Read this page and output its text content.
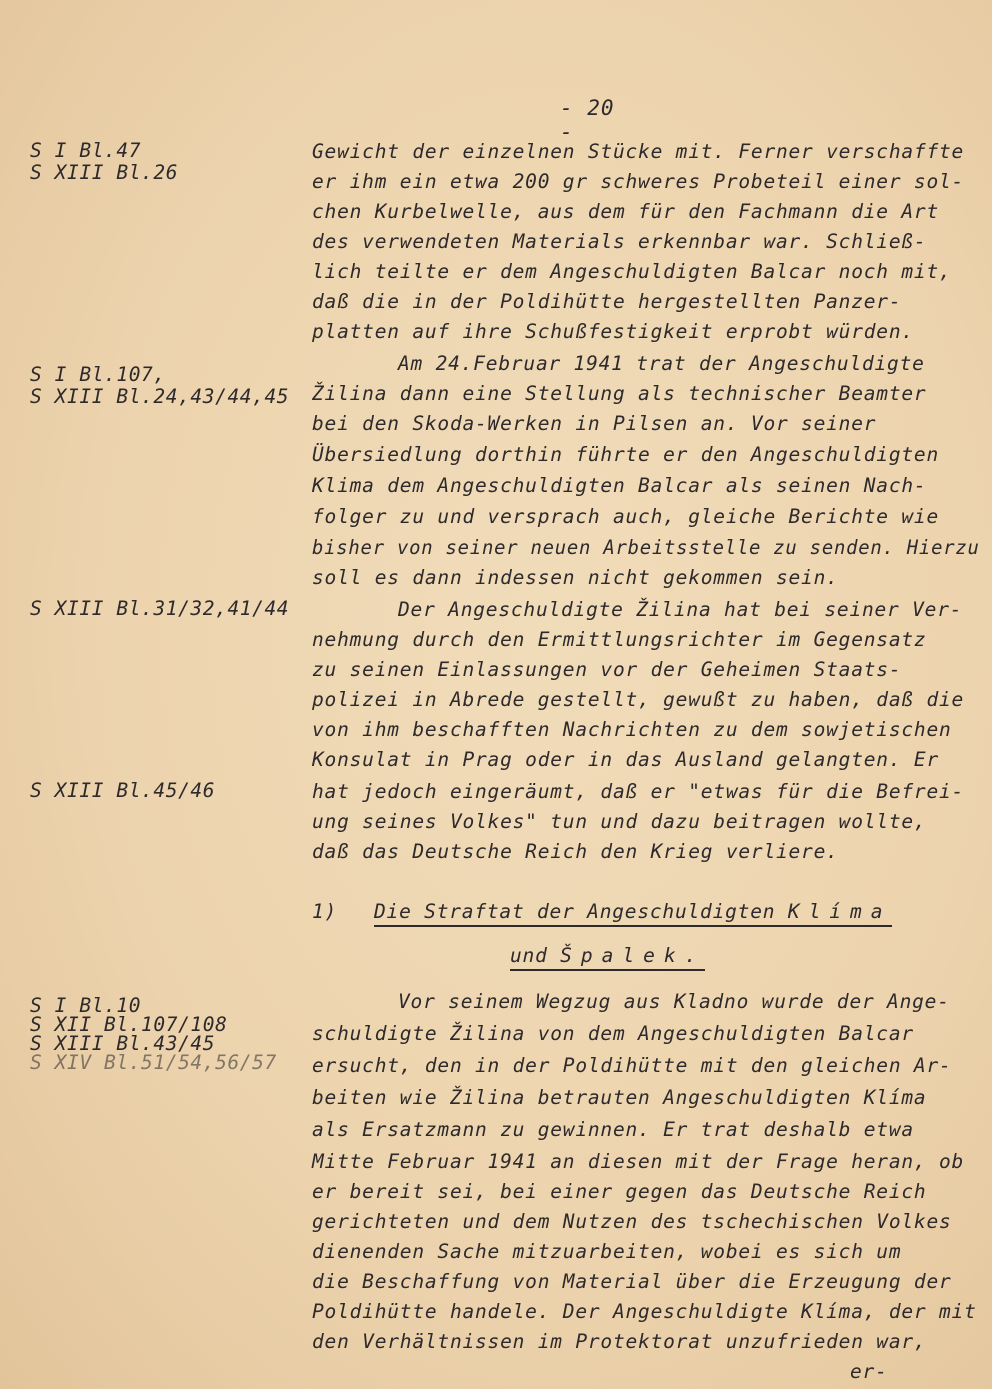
- 20 -
S I Bl.47
S XIII Bl.26
S I Bl.107,
S XIII Bl.24,43/44,45
S XIII Bl.31/32,41/44
S XIII Bl.45/46
S I Bl.10
S XII Bl.107/108
S XIII Bl.43/45
S XIV Bl.51/54,56/57
Gewicht der einzelnen Stücke mit. Ferner verschaffte
er ihm ein etwa 200 gr schweres Probeteil einer sol-
chen Kurbelwelle, aus dem für den Fachmann die Art
des verwendeten Materials erkennbar war. Schließ-
lich teilte er dem Angeschuldigten Balcar noch mit,
daß die in der Poldihütte hergestellten Panzer-
platten auf ihre Schußfestigkeit erprobt würden.
Am 24.Februar 1941 trat der Angeschuldigte
Žilina dann eine Stellung als technischer Beamter
bei den Skoda-Werken in Pilsen an. Vor seiner
Übersiedlung dorthin führte er den Angeschuldigten
Klima dem Angeschuldigten Balcar als seinen Nach-
folger zu und versprach auch, gleiche Berichte wie
bisher von seiner neuen Arbeitsstelle zu senden. Hierzu
soll es dann indessen nicht gekommen sein.
Der Angeschuldigte Žilina hat bei seiner Ver-
nehmung durch den Ermittlungsrichter im Gegensatz
zu seinen Einlassungen vor der Geheimen Staats-
polizei in Abrede gestellt, gewußt zu haben, daß die
von ihm beschafften Nachrichten zu dem sowjetischen
Konsulat in Prag oder in das Ausland gelangten. Er
hat jedoch eingeräumt, daß er "etwas für die Befrei-
ung seines Volkes" tun und dazu beitragen wollte,
daß das Deutsche Reich den Krieg verliere.
1) Die Straftat der Angeschuldigten Klíma
und Špalek.
Vor seinem Wegzug aus Kladno wurde der Ange-
schuldigte Žilina von dem Angeschuldigten Balcar
ersucht, den in der Poldihütte mit den gleichen Ar-
beiten wie Žilina betrauten Angeschuldigten Klíma
als Ersatzmann zu gewinnen. Er trat deshalb etwa
Mitte Februar 1941 an diesen mit der Frage heran, ob
er bereit sei, bei einer gegen das Deutsche Reich
gerichteten und dem Nutzen des tschechischen Volkes
dienenden Sache mitzuarbeiten, wobei es sich um
die Beschaffung von Material über die Erzeugung der
Poldihütte handele. Der Angeschuldigte Klíma, der mit
den Verhältnissen im Protektorat unzufrieden war,
er-
